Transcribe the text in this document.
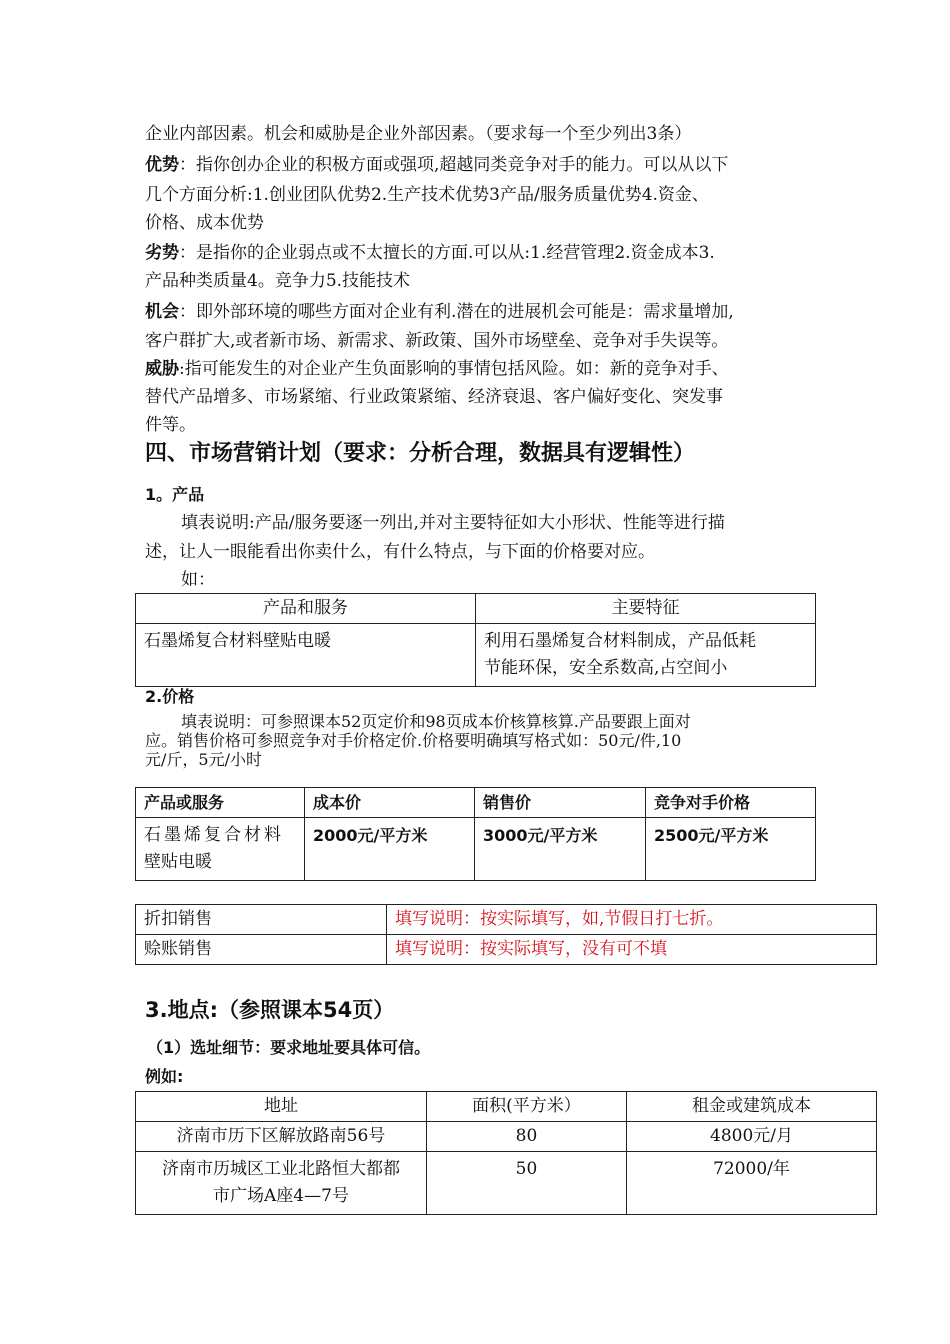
企业内部因素。机会和威胁是企业外部因素。（要求每一个至少列出3条）
优势：指你创办企业的积极方面或强项,超越同类竞争对手的能力。可以从以下
几个方面分析:1.创业团队优势2.生产技术优势3产品/服务质量优势4.资金、
价格、成本优势
劣势：是指你的企业弱点或不太擅长的方面.可以从:1.经营管理2.资金成本3.
产品种类质量4。竞争力5.技能技术
机会：即外部环境的哪些方面对企业有利.潜在的进展机会可能是：需求量增加,
客户群扩大,或者新市场、新需求、新政策、国外市场壁垒、竞争对手失误等。
威胁:指可能发生的对企业产生负面影响的事情包括风险。如：新的竞争对手、
替代产品增多、市场紧缩、行业政策紧缩、经济衰退、客户偏好变化、突发事
件等。
四、市场营销计划（要求：分析合理，数据具有逻辑性）
1。产品
填表说明:产品/服务要逐一列出,并对主要特征如大小形状、性能等进行描
述，让人一眼能看出你卖什么，有什么特点，与下面的价格要对应。
如：
产品和服务	主要特征
石墨烯复合材料壁贴电暖	利用石墨烯复合材料制成，产品低耗
节能环保，安全系数高,占空间小
2.价格
填表说明：可参照课本52页定价和98页成本价核算核算.产品要跟上面对
应。销售价格可参照竞争对手价格定价.价格要明确填写格式如：50元/件,10
元/斤，5元/小时
产品或服务	成本价	销售价	竞争对手价格

石墨烯复合材料
壁贴电暖	2000元/平方米	3000元/平方米	2500元/平方米
折扣销售	填写说明：按实际填写，如,节假日打七折。
赊账销售	填写说明：按实际填写，没有可不填
3.地点:（参照课本54页）
（1）选址细节：要求地址要具体可信。
例如:
地址	面积(平方米）	租金或建筑成本
济南市历下区解放路南56号	80	4800元/月

济南市历城区工业北路恒大都都
市广场A座4—7号	50	72000/年
